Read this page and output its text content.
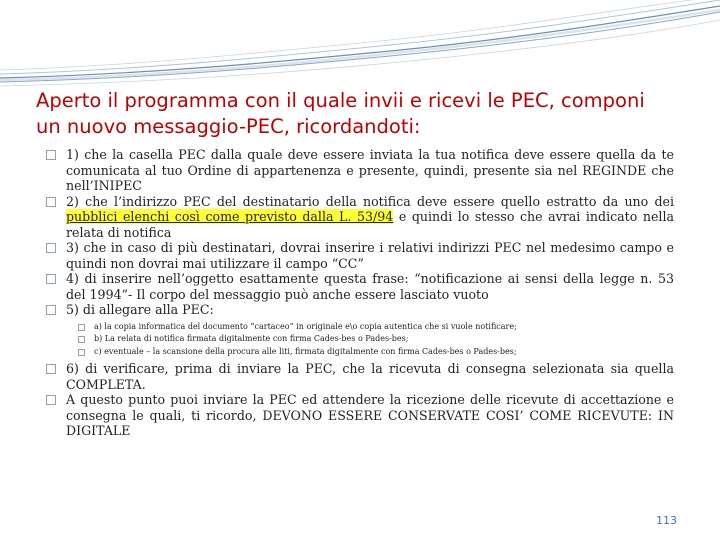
Aperto il programma con il quale invii e ricevi le PEC, componi
un nuovo messaggio-PEC, ricordandoti:
1) che la casella PEC dalla quale deve essere inviata la tua notifica deve essere quella da te comunicata al tuo Ordine di appartenenza e presente, quindi, presente sia nel REGINDE che nell’INIPEC
2) che l’indirizzo PEC del destinatario della notifica deve essere quello estratto da uno dei pubblici elenchi così come previsto dalla L. 53/94 e quindi lo stesso che avrai indicato nella relata di notifica
3) che in caso di più destinatari, dovrai inserire i relativi indirizzi PEC nel medesimo campo e quindi non dovrai mai utilizzare il campo “CC”
4) di inserire nell’oggetto esattamente questa frase: “notificazione ai sensi della legge n. 53 del 1994”- Il corpo del messaggio può anche essere lasciato vuoto
5) di allegare alla PEC:
a) la copia informatica del documento “cartaceo” in originale e\o copia autentica che si vuole notificare;
b) La relata di notifica firmata digitalmente con firma Cades-bes o Pades-bes;
c) eventuale – la scansione della procura alle liti, firmata digitalmente con firma Cades-bes o Pades-bes;
6) di verificare, prima di inviare la PEC, che la ricevuta di consegna selezionata sia quella COMPLETA.
A questo punto puoi inviare la PEC ed attendere la ricezione delle ricevute di accettazione e consegna le quali, ti ricordo, DEVONO ESSERE CONSERVATE COSI’ COME RICEVUTE: IN DIGITALE
113
